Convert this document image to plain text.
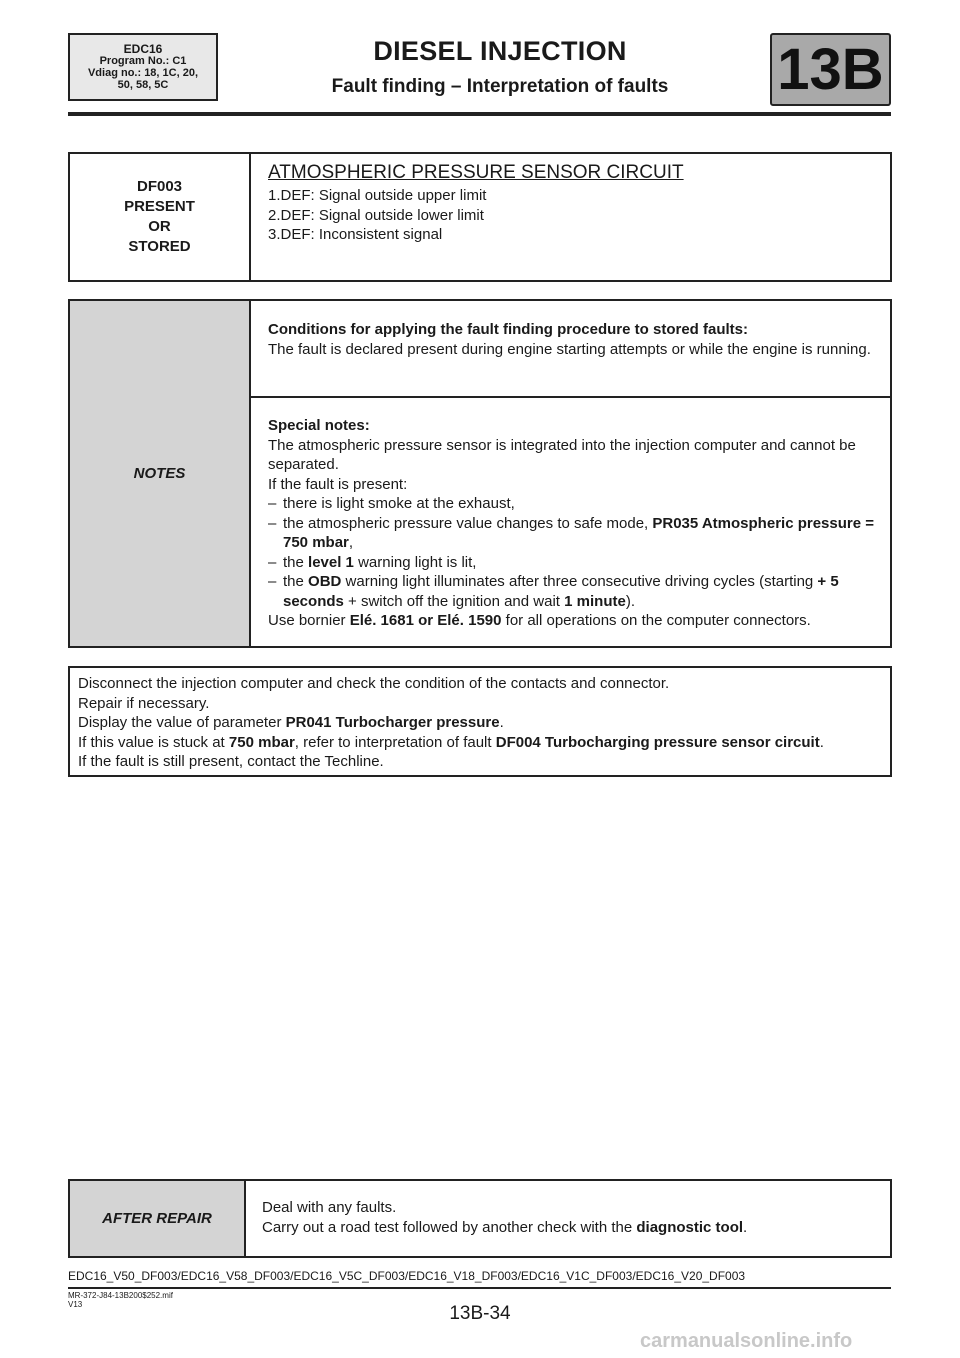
EDC16
Program No.: C1
Vdiag no.: 18, 1C, 20,
50, 58, 5C
DIESEL INJECTION
Fault finding – Interpretation of faults	13B
DF003
PRESENT
OR
STORED
ATMOSPHERIC PRESSURE SENSOR CIRCUIT
1.DEF: Signal outside upper limit
2.DEF: Signal outside lower limit
3.DEF: Inconsistent signal
NOTES
Conditions for applying the fault finding procedure to stored faults:
The fault is declared present during engine starting attempts or while the engine is running.
Special notes:
The atmospheric pressure sensor is integrated into the injection computer and cannot be separated.
If the fault is present:
– there is light smoke at the exhaust,
– the atmospheric pressure value changes to safe mode, PR035 Atmospheric pressure = 750 mbar,
– the level 1 warning light is lit,
– the OBD warning light illuminates after three consecutive driving cycles (starting + 5 seconds + switch off the ignition and wait 1 minute).
Use bornier Elé. 1681 or Elé. 1590 for all operations on the computer connectors.
Disconnect the injection computer and check the condition of the contacts and connector.
Repair if necessary.
Display the value of parameter PR041 Turbocharger pressure.
If this value is stuck at 750 mbar, refer to interpretation of fault DF004 Turbocharging pressure sensor circuit.
If the fault is still present, contact the Techline.
AFTER REPAIR
Deal with any faults.
Carry out a road test followed by another check with the diagnostic tool.
EDC16_V50_DF003/EDC16_V58_DF003/EDC16_V5C_DF003/EDC16_V18_DF003/EDC16_V1C_DF003/EDC16_V20_DF003
MR-372-J84-13B200$252.mif
V13	13B-34
carmanualsonline.info
